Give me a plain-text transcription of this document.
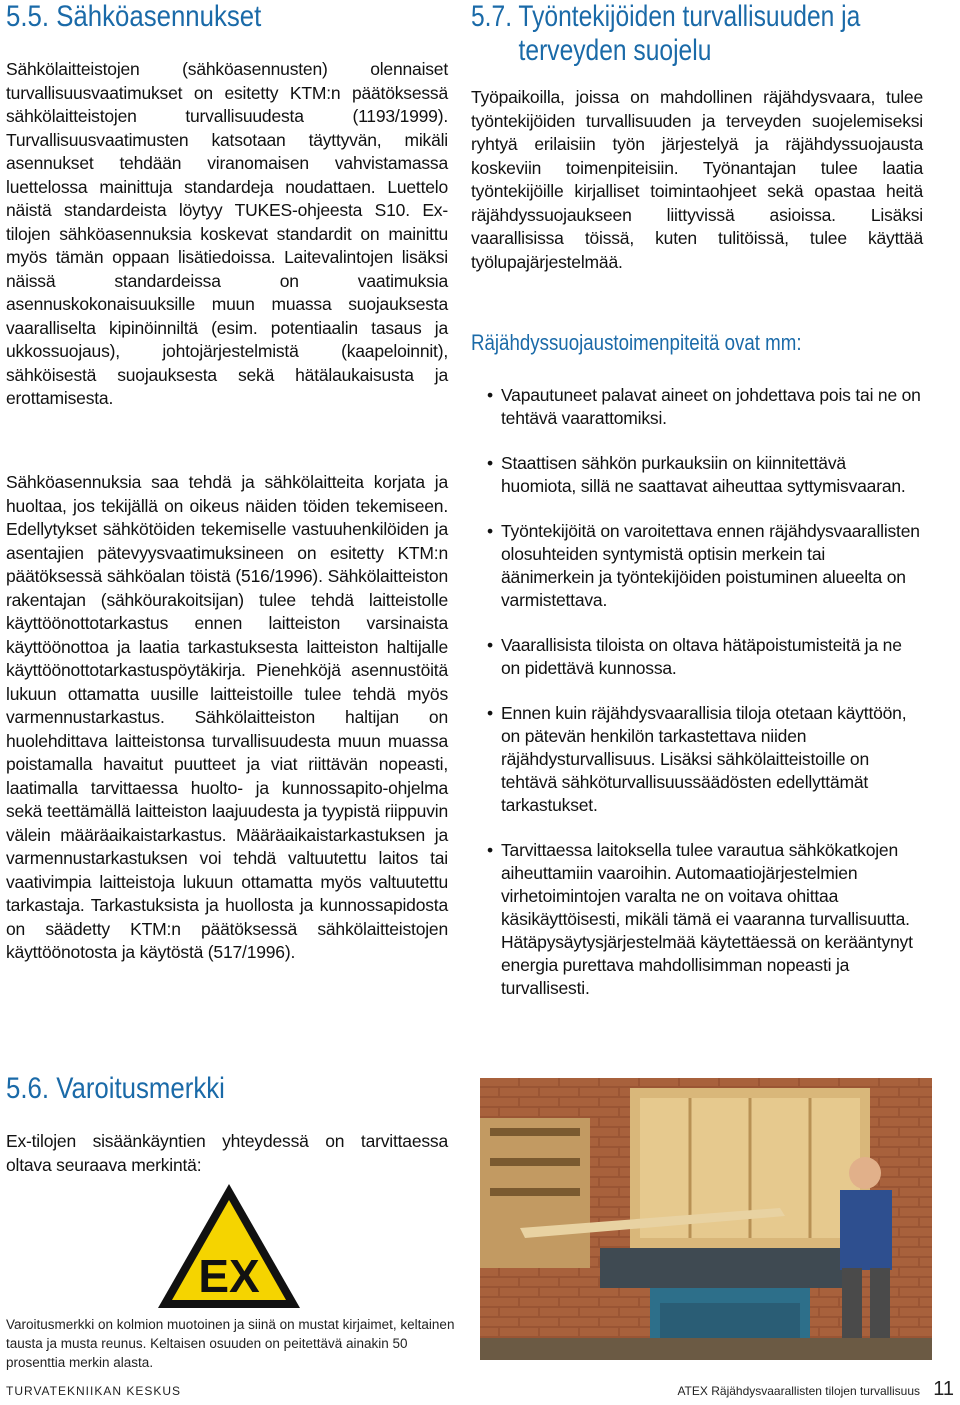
5.5. Sähköasennukset

Sähkölaitteistojen (sähköasennusten) olennaiset turvallisuusvaatimukset on esitetty KTM:n päätöksessä sähkölaitteistojen turvallisuudesta (1193/1999). Turvallisuusvaatimusten katsotaan täyttyvän, mikäli asennukset tehdään viranomaisen vahvistamassa luettelossa mainittuja standardeja noudattaen. Luettelo näistä standardeista löytyy TUKES-ohjeesta S10. Ex-tilojen sähköasennuksia koskevat standardit on mainittu myös tämän oppaan lisätiedoissa. Laitevalintojen lisäksi näissä standardeissa on vaatimuksia asennuskokonaisuuksille muun muassa suojauksesta vaaralliselta kipinöinniltä (esim. potentiaalin tasaus ja ukkossuojaus), johtojärjestelmistä (kaapeloinnit), sähköisestä suojauksesta sekä hätälaukaisusta ja erottamisesta.

Sähköasennuksia saa tehdä ja sähkölaitteita korjata ja huoltaa, jos tekijällä on oikeus näiden töiden tekemiseen. Edellytykset sähkötöiden tekemiselle vastuuhenkilöiden ja asentajien pätevyysvaatimuksineen on esitetty KTM:n päätöksessä sähköalan töistä (516/1996). Sähkölaitteiston rakentajan (sähköurakoitsijan) tulee tehdä laitteistolle käyttöönottotarkastus ennen laitteiston varsinaista käyttöönottoa ja laatia tarkastuksesta laitteiston haltijalle käyttöönottotarkastuspöytäkirja. Pienehköjä asennustöitä lukuun ottamatta uusille laitteistoille tulee tehdä myös varmennustarkastus. Sähkölaitteiston haltijan on huolehdittava laitteistonsa turvallisuudesta muun muassa poistamalla havaitut puutteet ja viat riittävän nopeasti, laatimalla tarvittaessa huolto- ja kunnossapito-ohjelma sekä teettämällä laitteiston laajuudesta ja tyypistä riippuvin välein määräaikaistarkastus. Määräaikaistarkastuksen ja varmennustarkastuksen voi tehdä valtuutettu laitos tai vaativimpia laitteistoja lukuun ottamatta myös valtuutettu tarkastaja. Tarkastuksista ja huollosta ja kunnossapidosta on säädetty KTM:n päätöksessä sähkölaitteistojen käyttöönotosta ja käytöstä (517/1996).

5.6. Varoitusmerkki

Ex-tilojen sisäänkäyntien yhteydessä on tarvittaessa oltava seuraava merkintä:

EX
Varoitusmerkki on kolmion muotoinen ja siinä on mustat kirjaimet, keltainen tausta ja musta reunus. Keltaisen osuuden on peitettävä ainakin 50 prosenttia merkin alasta.
5.7. Työntekijöiden turvallisuuden ja
terveyden suojelu

Työpaikoilla, joissa on mahdollinen räjähdysvaara, tulee työntekijöiden turvallisuuden ja terveyden suojelemiseksi ryhtyä erilaisiin työn järjestelyä ja räjähdyssuojausta koskeviin toimenpiteisiin. Työnantajan tulee laatia työntekijöille kirjalliset toimintaohjeet sekä opastaa heitä räjähdyssuojaukseen liittyvissä asioissa. Lisäksi vaarallisissa töissä, kuten tulitöissä, tulee käyttää työlupajärjestelmää.

Räjähdyssuojaustoimenpiteitä ovat mm:
• Vapautuneet palavat aineet on johdettava pois tai ne on tehtävä vaarattomiksi.
• Staattisen sähkön purkauksiin on kiinnitettävä huomiota, sillä ne saattavat aiheuttaa syttymisvaaran.
• Työntekijöitä on varoitettava ennen räjähdysvaarallisten olosuhteiden syntymistä optisin merkein tai äänimerkein ja työntekijöiden poistuminen alueelta on varmistettava.
• Vaarallisista tiloista on oltava hätäpoistumisteitä ja ne on pidettävä kunnossa.
• Ennen kuin räjähdysvaarallisia tiloja otetaan käyttöön, on pätevän henkilön tarkastettava niiden räjähdysturvallisuus. Lisäksi sähkölaitteistoille on tehtävä sähköturvallisuussäädösten edellyttämät tarkastukset.
• Tarvittaessa laitoksella tulee varautua sähkökatkojen aiheuttamiin vaaroihin. Automaatiojärjestelmien virhetoimintojen varalta ne on voitava ohittaa käsikäyttöisesti, mikäli tämä ei vaaranna turvallisuutta. Hätäpysäytysjärjestelmää käytettäessä on kerääntynyt energia purettava mahdollisimman nopeasti ja turvallisesti.
TURVATEKNIIKAN KESKUS	ATEX Räjähdysvaarallisten tilojen turvallisuus 11
